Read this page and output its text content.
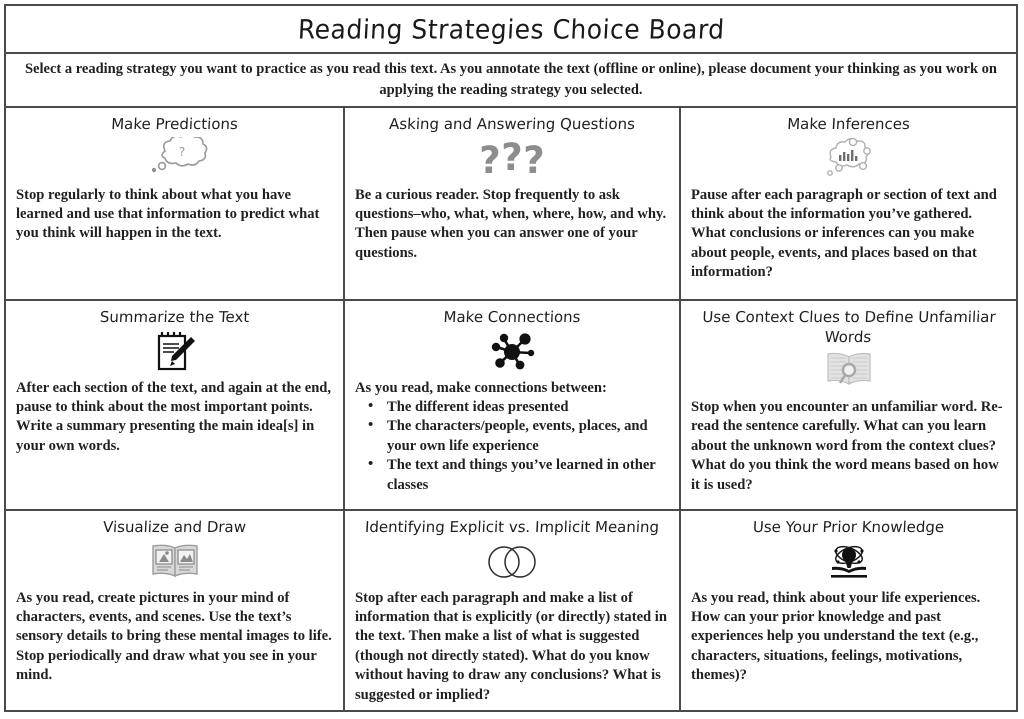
Reading Strategies Choice Board
Select a reading strategy you want to practice as you read this text. As you annotate the text (offline or online), please document your thinking as you work on applying the reading strategy you selected.
Make Predictions
?

Stop regularly to think about what you have learned and use that information to predict what you think will happen in the text.

Asking and Answering Questions
? ? ?

Be a curious reader. Stop frequently to ask questions–who, what, when, where, how, and why. Then pause when you can answer one of your questions.

Make Inferences

Pause after each paragraph or section of text and think about the information you’ve gathered. What conclusions or inferences can you make about people, events, and places based on that information?

Summarize the Text

After each section of the text, and again at the end, pause to think about the most important points. Write a summary presenting the main idea[s] in your own words.

Make Connections

As you read, make connections between:

• The different ideas presented
• The characters/people, events, places, and your own life experience
• The text and things you’ve learned in other classes
Use Context Clues to Define Unfamiliar Words

Stop when you encounter an unfamiliar word. Re-read the sentence carefully. What can you learn about the unknown word from the context clues? What do you think the word means based on how it is used?

Visualize and Draw

As you read, create pictures in your mind of characters, events, and scenes. Use the text’s sensory details to bring these mental images to life. Stop periodically and draw what you see in your mind.

Identifying Explicit vs. Implicit Meaning

Stop after each paragraph and make a list of information that is explicitly (or directly) stated in the text. Then make a list of what is suggested (though not directly stated). What do you know without having to draw any conclusions? What is suggested or implied?

Use Your Prior Knowledge

As you read, think about your life experiences. How can your prior knowledge and past experiences help you understand the text (e.g., characters, situations, feelings, motivations, themes)?
